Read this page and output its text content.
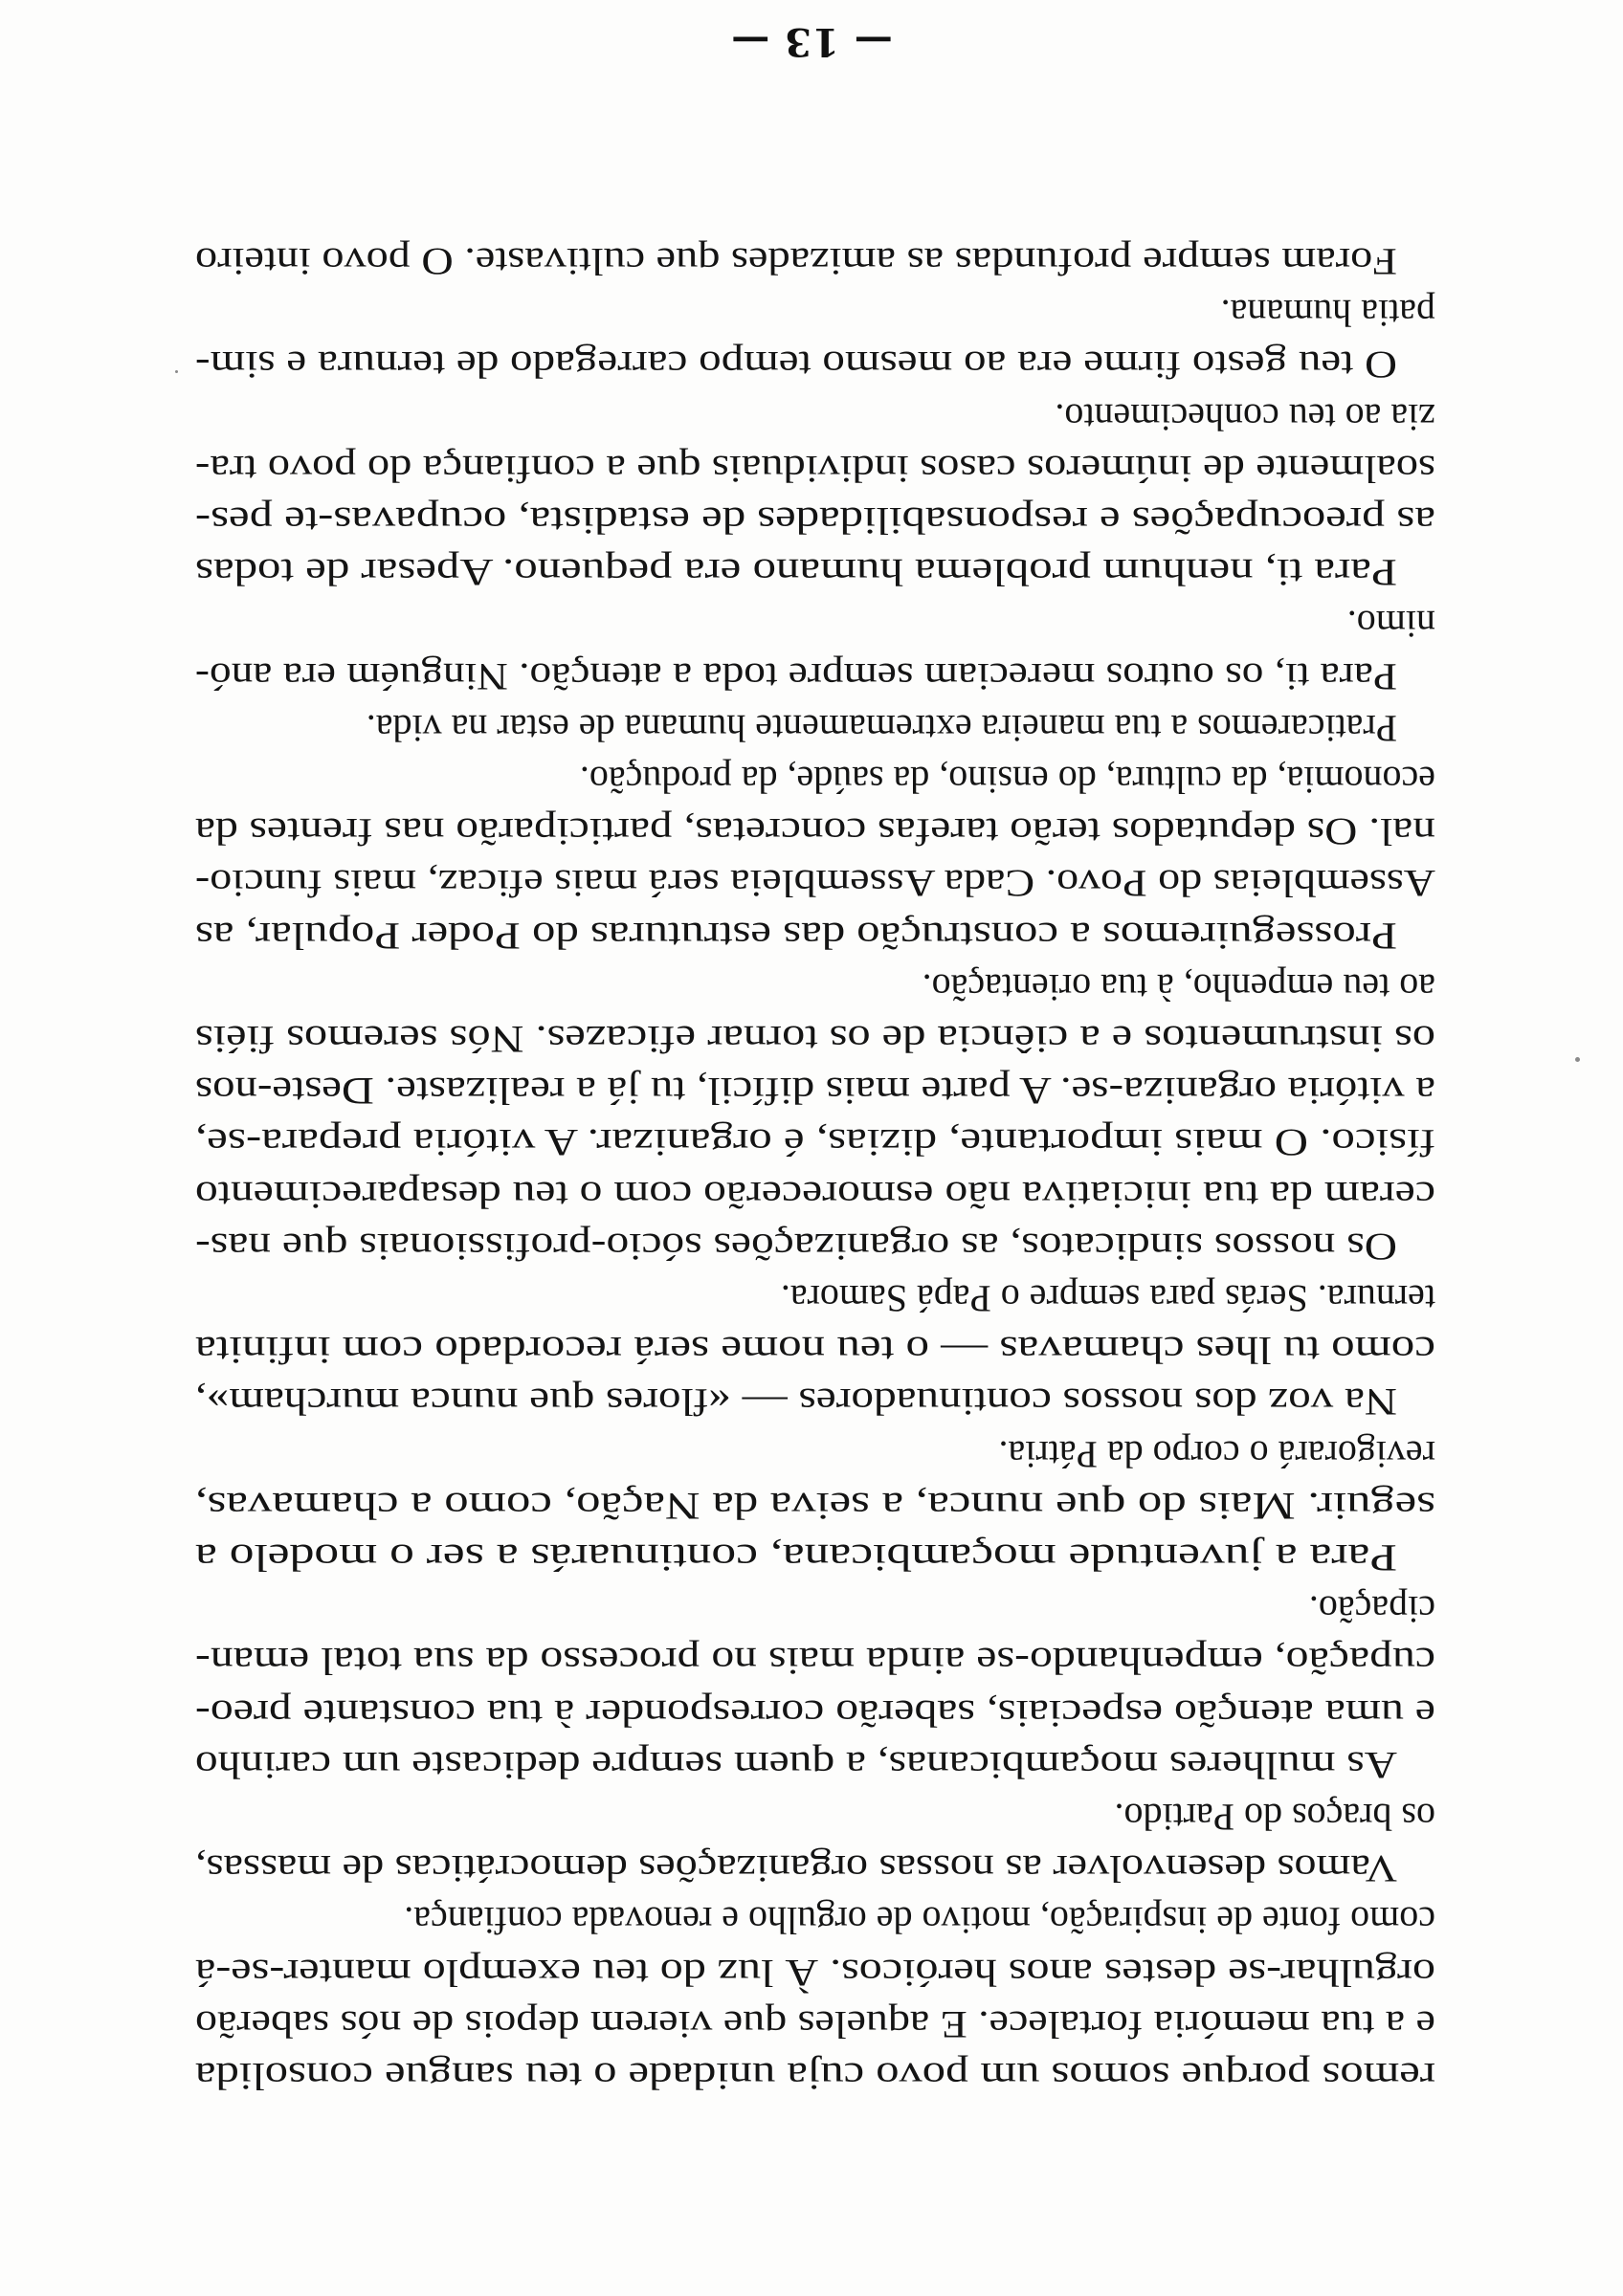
— 13 —
remos porque somos um povo cuja unidade o teu sangue consolida
e a tua memória fortalece. E aqueles que vierem depois de nós saberão
orgulhar-se destes anos heróicos. À luz do teu exemplo manter-se-á
como fonte de inspiração, motivo de orgulho e renovada confiança.
Vamos desenvolver as nossas organizações democráticas de massas,
os braços do Partido.
As mulheres moçambicanas, a quem sempre dedicaste um carinho
e uma atenção especiais, saberão corresponder à tua constante preo-
cupação, empenhando-se ainda mais no processo da sua total eman-
cipação.
Para a juventude moçambicana, continuarás a ser o modelo a
seguir. Mais do que nunca, a seiva da Nação, como a chamavas,
revigorará o corpo da Pátria.
Na voz dos nossos continuadores — «flores que nunca murcham»,
como tu lhes chamavas — o teu nome será recordado com infinita
ternura. Serás para sempre o Papá Samora.
Os nossos sindicatos, as organizações sócio-profissionais que nas-
ceram da tua iniciativa não esmorecerão com o teu desaparecimento
físico. O mais importante, dizias, é organizar. A vitória prepara-se,
a vitória organiza-se. A parte mais difícil, tu já a realizaste. Deste-nos
os instrumentos e a ciência de os tornar eficazes. Nós seremos fiéis
ao teu empenho, à tua orientação.
Prosseguiremos a construção das estruturas do Poder Popular, as
Assembleias do Povo. Cada Assembleia será mais eficaz, mais funcio-
nal. Os deputados terão tarefas concretas, participarão nas frentes da
economia, da cultura, do ensino, da saúde, da produção.
Praticaremos a tua maneira extremamente humana de estar na vida.
Para ti, os outros mereciam sempre toda a atenção. Ninguém era anó-
nimo.
Para ti, nenhum problema humano era pequeno. Apesar de todas
as preocupações e responsabilidades de estadista, ocupavas-te pes-
soalmente de inúmeros casos individuais que a confiança do povo tra-
zia ao teu conhecimento.
O teu gesto firme era ao mesmo tempo carregado de ternura e sim-
patia humana.
Foram sempre profundas as amizades que cultivaste. O povo inteiro
